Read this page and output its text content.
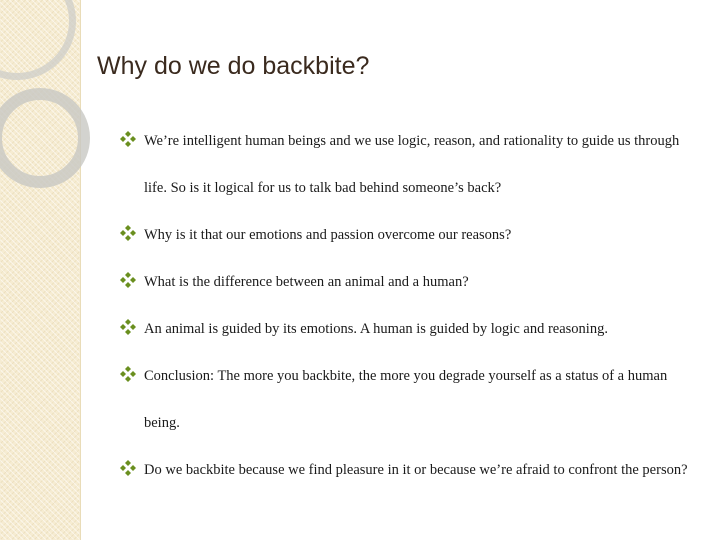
Why do we do backbite?
We’re intelligent human beings and we use logic, reason, and rationality to guide us through life. So is it logical for us to talk bad behind someone’s back?
Why is it that our emotions and passion overcome our reasons?
What is the difference between an animal and a human?
An animal is guided by its emotions. A human is guided by logic and reasoning.
Conclusion: The more you backbite, the more you degrade yourself as a status of a human being.
Do we backbite because we find pleasure in it or because we’re afraid to confront the person?
